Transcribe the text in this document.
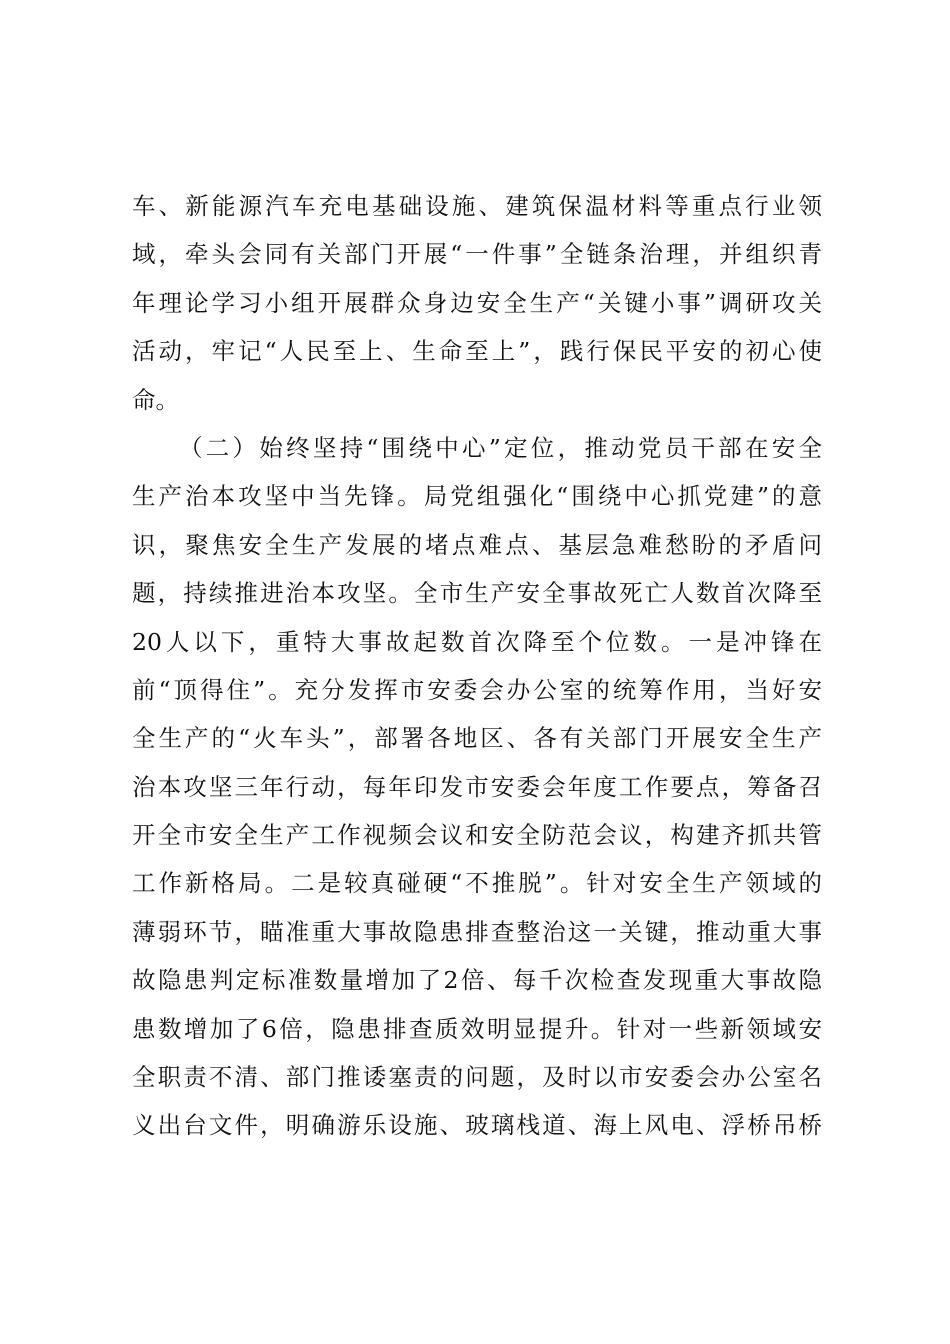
车、新能源汽车充电基础设施、建筑保温材料等重点行业领
域，牵头会同有关部门开展“一件事”全链条治理，并组织青
年理论学习小组开展群众身边安全生产“关键小事”调研攻关
活动，牢记“人民至上、生命至上”，践行保民平安的初心使
命。
（二）始终坚持“围绕中心”定位，推动党员干部在安全
生产治本攻坚中当先锋。局党组强化“围绕中心抓党建”的意
识，聚焦安全生产发展的堵点难点、基层急难愁盼的矛盾问
题，持续推进治本攻坚。全市生产安全事故死亡人数首次降至
20人以下，重特大事故起数首次降至个位数。一是冲锋在
前“顶得住”。充分发挥市安委会办公室的统筹作用，当好安
全生产的“火车头”，部署各地区、各有关部门开展安全生产
治本攻坚三年行动，每年印发市安委会年度工作要点，筹备召
开全市安全生产工作视频会议和安全防范会议，构建齐抓共管
工作新格局。二是较真碰硬“不推脱”。针对安全生产领域的
薄弱环节，瞄准重大事故隐患排查整治这一关键，推动重大事
故隐患判定标准数量增加了2倍、每千次检查发现重大事故隐
患数增加了6倍，隐患排查质效明显提升。针对一些新领域安
全职责不清、部门推诿塞责的问题，及时以市安委会办公室名
义出台文件，明确游乐设施、玻璃栈道、海上风电、浮桥吊桥
